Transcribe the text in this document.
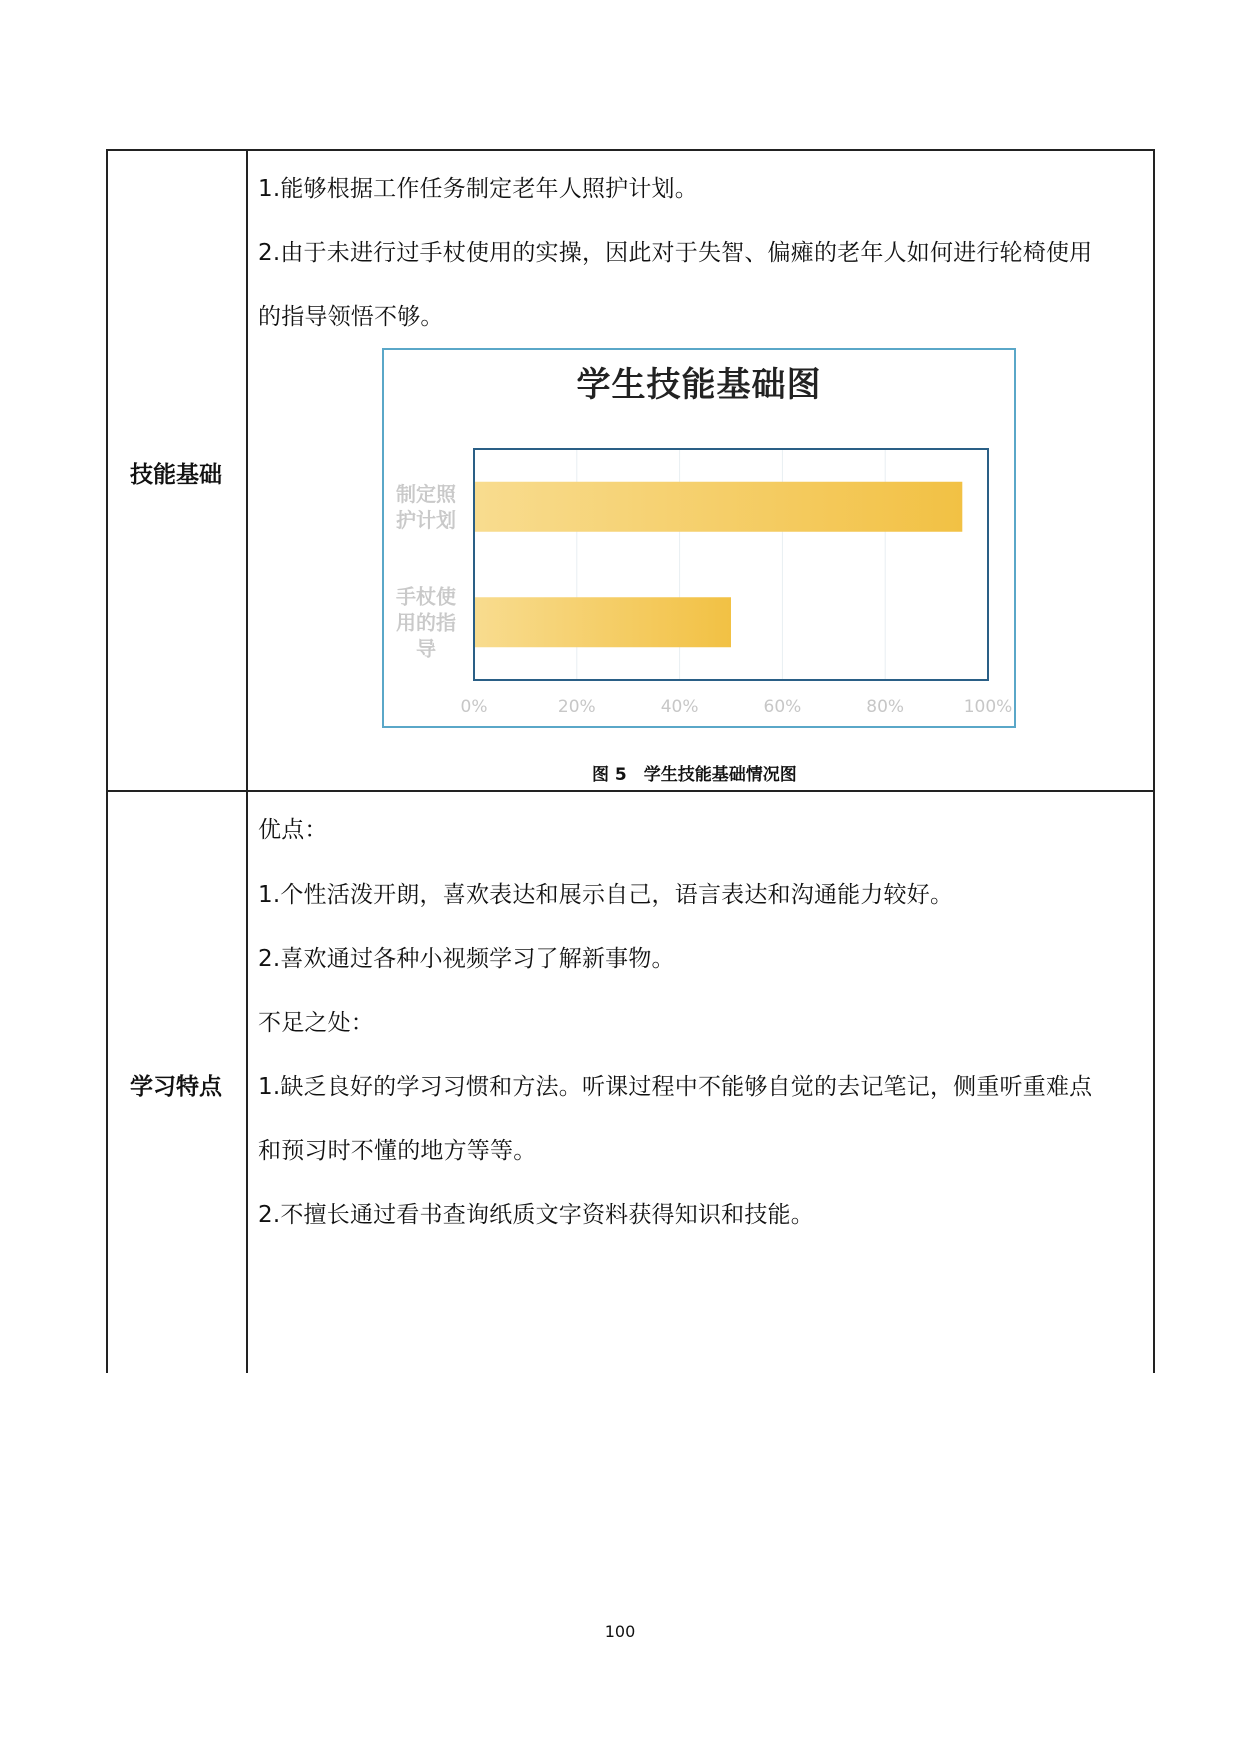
技能基础
1.能够根据工作任务制定老年人照护计划。
2.由于未进行过手杖使用的实操，因此对于失智、偏瘫的老年人如何进行轮椅使用
的指导领悟不够。
学生技能基础图
0%	20%	40%	60%	80%	100%
制定照
护计划
手杖使
用的指
导
图 5　学生技能基础情况图
学习特点
优点：
1.个性活泼开朗，喜欢表达和展示自己，语言表达和沟通能力较好。
2.喜欢通过各种小视频学习了解新事物。
不足之处：
1.缺乏良好的学习习惯和方法。听课过程中不能够自觉的去记笔记，侧重听重难点
和预习时不懂的地方等等。
2.不擅长通过看书查询纸质文字资料获得知识和技能。
100
